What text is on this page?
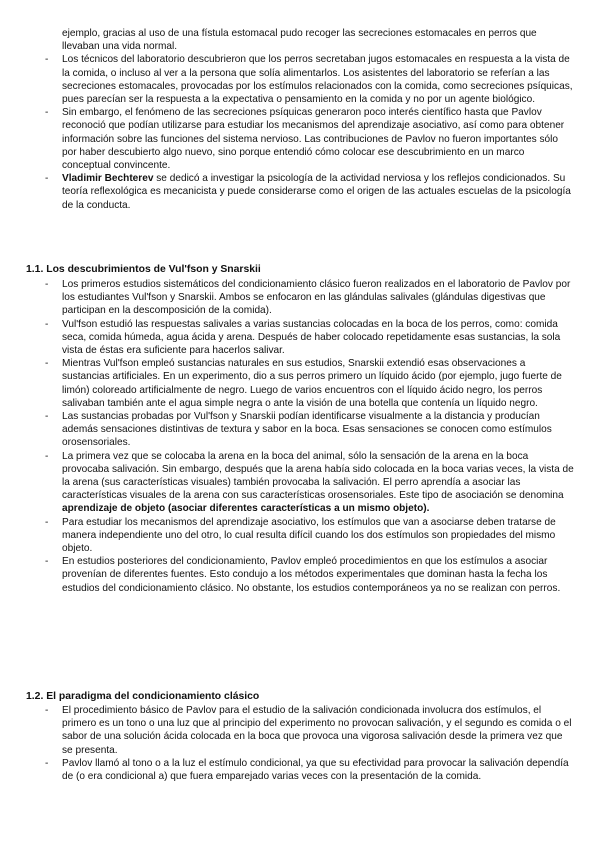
ejemplo, gracias al uso de una fístula estomacal pudo recoger las secreciones estomacales en perros que llevaban una vida normal.

- Los técnicos del laboratorio descubrieron que los perros secretaban jugos estomacales en respuesta a la vista de la comida, o incluso al ver a la persona que solía alimentarlos. Los asistentes del laboratorio se referían a las secreciones estomacales, provocadas por los estímulos relacionados con la comida, como secreciones psíquicas, pues parecían ser la respuesta a la expectativa o pensamiento en la comida y no por un agente biológico.
- Sin embargo, el fenómeno de las secreciones psíquicas generaron poco interés científico hasta que Pavlov reconoció que podían utilizarse para estudiar los mecanismos del aprendizaje asociativo, así como para obtener información sobre las funciones del sistema nervioso. Las contribuciones de Pavlov no fueron importantes sólo por haber descubierto algo nuevo, sino porque entendió cómo colocar ese descubrimiento en un marco conceptual convincente.
- Vladimir Bechterev se dedicó a investigar la psicología de la actividad nerviosa y los reflejos condicionados. Su teoría reflexológica es mecanicista y puede considerarse como el origen de las actuales escuelas de la psicología de la conducta.
1.1. Los descubrimientos de Vul'fson y Snarskii
- Los primeros estudios sistemáticos del condicionamiento clásico fueron realizados en el laboratorio de Pavlov por los estudiantes Vul'fson y Snarskii. Ambos se enfocaron en las glándulas salivales (glándulas digestivas que participan en la descomposición de la comida).
- Vul'fson estudió las respuestas salivales a varias sustancias colocadas en la boca de los perros, como: comida seca, comida húmeda, agua ácida y arena. Después de haber colocado repetidamente esas sustancias, la sola vista de éstas era suficiente para hacerlos salivar.
- Mientras Vul'fson empleó sustancias naturales en sus estudios, Snarskii extendió esas observaciones a sustancias artificiales. En un experimento, dio a sus perros primero un líquido ácido (por ejemplo, jugo fuerte de limón) coloreado artificialmente de negro. Luego de varios encuentros con el líquido ácido negro, los perros salivaban también ante el agua simple negra o ante la visión de una botella que contenía un líquido negro.
- Las sustancias probadas por Vul'fson y Snarskii podían identificarse visualmente a la distancia y producían además sensaciones distintivas de textura y sabor en la boca. Esas sensaciones se conocen como estímulos orosensoriales.
- La primera vez que se colocaba la arena en la boca del animal, sólo la sensación de la arena en la boca provocaba salivación. Sin embargo, después que la arena había sido colocada en la boca varias veces, la vista de la arena (sus características visuales) también provocaba la salivación. El perro aprendía a asociar las características visuales de la arena con sus características orosensoriales. Este tipo de asociación se denomina aprendizaje de objeto (asociar diferentes características a un mismo objeto).
- Para estudiar los mecanismos del aprendizaje asociativo, los estímulos que van a asociarse deben tratarse de manera independiente uno del otro, lo cual resulta difícil cuando los dos estímulos son propiedades del mismo objeto.
- En estudios posteriores del condicionamiento, Pavlov empleó procedimientos en que los estímulos a asociar provenían de diferentes fuentes. Esto condujo a los métodos experimentales que dominan hasta la fecha los estudios del condicionamiento clásico. No obstante, los estudios contemporáneos ya no se realizan con perros.
1.2. El paradigma del condicionamiento clásico
- El procedimiento básico de Pavlov para el estudio de la salivación condicionada involucra dos estímulos, el primero es un tono o una luz que al principio del experimento no provocan salivación, y el segundo es comida o el sabor de una solución ácida colocada en la boca que provoca una vigorosa salivación desde la primera vez que se presenta.
- Pavlov llamó al tono o a la luz el estímulo condicional, ya que su efectividad para provocar la salivación dependía de (o era condicional a) que fuera emparejado varias veces con la presentación de la comida.
